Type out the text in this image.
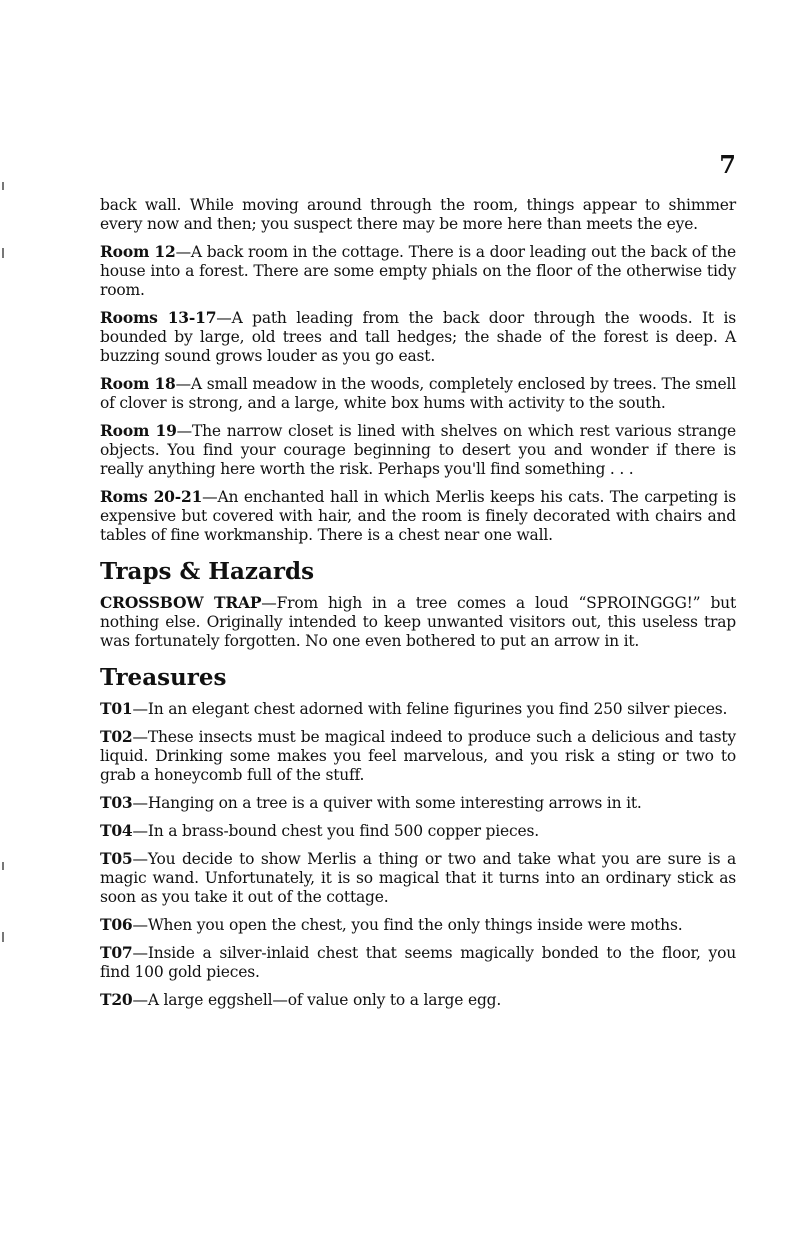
7

back wall. While moving around through the room, things appear to shimmer every now and then; you suspect there may be more here than meets the eye.

Room 12—A back room in the cottage. There is a door leading out the back of the house into a forest. There are some empty phials on the floor of the otherwise tidy room.

Rooms 13-17—A path leading from the back door through the woods. It is bounded by large, old trees and tall hedges; the shade of the forest is deep. A buzzing sound grows louder as you go east.

Room 18—A small meadow in the woods, completely enclosed by trees. The smell of clover is strong, and a large, white box hums with activity to the south.

Room 19—The narrow closet is lined with shelves on which rest various strange objects. You find your courage beginning to desert you and wonder if there is really anything here worth the risk. Perhaps you'll find something . . .

Roms 20-21—An enchanted hall in which Merlis keeps his cats. The carpeting is expensive but covered with hair, and the room is finely decorated with chairs and tables of fine workmanship. There is a chest near one wall.

Traps & Hazards

CROSSBOW TRAP—From high in a tree comes a loud “SPROINGGG!” but nothing else. Originally intended to keep unwanted visitors out, this useless trap was fortunately forgotten. No one even bothered to put an arrow in it.

Treasures

T01—In an elegant chest adorned with feline figurines you find 250 silver pieces.

T02—These insects must be magical indeed to produce such a delicious and tasty liquid. Drinking some makes you feel marvelous, and you risk a sting or two to grab a honeycomb full of the stuff.

T03—Hanging on a tree is a quiver with some interesting arrows in it.

T04—In a brass-bound chest you find 500 copper pieces.

T05—You decide to show Merlis a thing or two and take what you are sure is a magic wand. Unfortunately, it is so magical that it turns into an ordinary stick as soon as you take it out of the cottage.

T06—When you open the chest, you find the only things inside were moths.

T07—Inside a silver-inlaid chest that seems magically bonded to the floor, you find 100 gold pieces.

T20—A large eggshell—of value only to a large egg.
